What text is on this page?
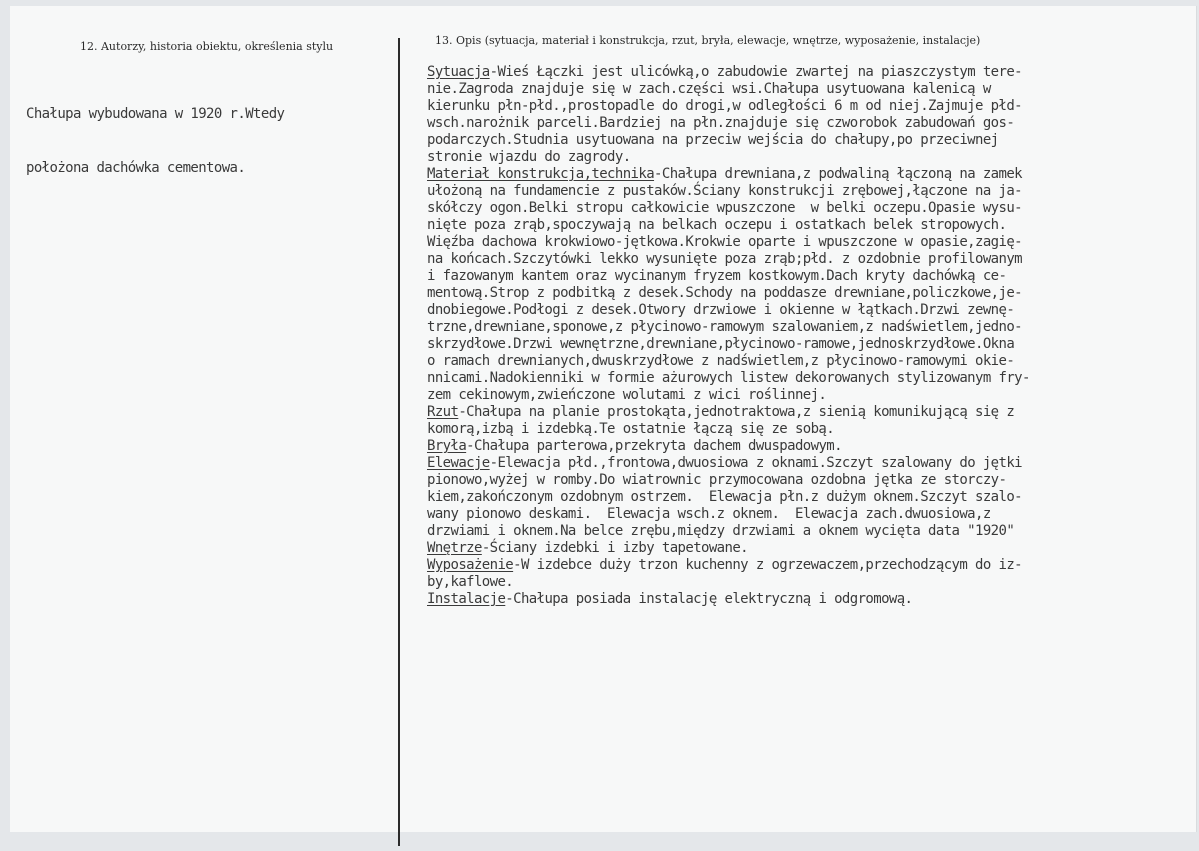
12. Autorzy, historia obiektu, określenia stylu	13. Opis (sytuacja, materiał i konstrukcja, rzut, bryła, elewacje, wnętrze, wyposażenie, instalacje)

Chałupa wybudowana w 1920 r.Wtedy

położona dachówka cementowa.

Sytuacja-Wieś Łączki jest ulicówką,o zabudowie zwartej na piaszczystym tere-
nie.Zagroda znajduje się w zach.części wsi.Chałupa usytuowana kalenicą w
kierunku płn-płd.,prostopadle do drogi,w odległości 6 m od niej.Zajmuje płd-
wsch.narożnik parceli.Bardziej na płn.znajduje się czworobok zabudowań gos-
podarczych.Studnia usytuowana na przeciw wejścia do chałupy,po przeciwnej
stronie wjazdu do zagrody.
Materiał konstrukcja,technika-Chałupa drewniana,z podwaliną łączoną na zamek
ułożoną na fundamencie z pustaków.Ściany konstrukcji zrębowej,łączone na ja-
skółczy ogon.Belki stropu całkowicie wpuszczone  w belki oczepu.Opasie wysu-
nięte poza zrąb,spoczywają na belkach oczepu i ostatkach belek stropowych.
Więźba dachowa krokwiowo-jętkowa.Krokwie oparte i wpuszczone w opasie,zagię-
na końcach.Szczytówki lekko wysunięte poza zrąb;płd. z ozdobnie profilowanym
i fazowanym kantem oraz wycinanym fryzem kostkowym.Dach kryty dachówką ce-
mentową.Strop z podbitką z desek.Schody na poddasze drewniane,policzkowe,je-
dnobiegowe.Podłogi z desek.Otwory drzwiowe i okienne w łątkach.Drzwi zewnę-
trzne,drewniane,sponowe,z płycinowo-ramowym szalowaniem,z nadświetlem,jedno-
skrzydłowe.Drzwi wewnętrzne,drewniane,płycinowo-ramowe,jednoskrzydłowe.Okna
o ramach drewnianych,dwuskrzydłowe z nadświetlem,z płycinowo-ramowymi okie-
nnicami.Nadokienniki w formie ażurowych listew dekorowanych stylizowanym fry-
zem cekinowym,zwieńczone wolutami z wici roślinnej.
Rzut-Chałupa na planie prostokąta,jednotraktowa,z sienią komunikującą się z
komorą,izbą i izdebką.Te ostatnie łączą się ze sobą.
Bryła-Chałupa parterowa,przekryta dachem dwuspadowym.
Elewacje-Elewacja płd.,frontowa,dwuosiowa z oknami.Szczyt szalowany do jętki
pionowo,wyżej w romby.Do wiatrownic przymocowana ozdobna jętka ze storczy-
kiem,zakończonym ozdobnym ostrzem.  Elewacja płn.z dużym oknem.Szczyt szalo-
wany pionowo deskami.  Elewacja wsch.z oknem.  Elewacja zach.dwuosiowa,z
drzwiami i oknem.Na belce zrębu,między drzwiami a oknem wycięta data "1920"
Wnętrze-Ściany izdebki i izby tapetowane.
Wyposażenie-W izdebce duży trzon kuchenny z ogrzewaczem,przechodzącym do iz-
by,kaflowe.
Instalacje-Chałupa posiada instalację elektryczną i odgromową.
